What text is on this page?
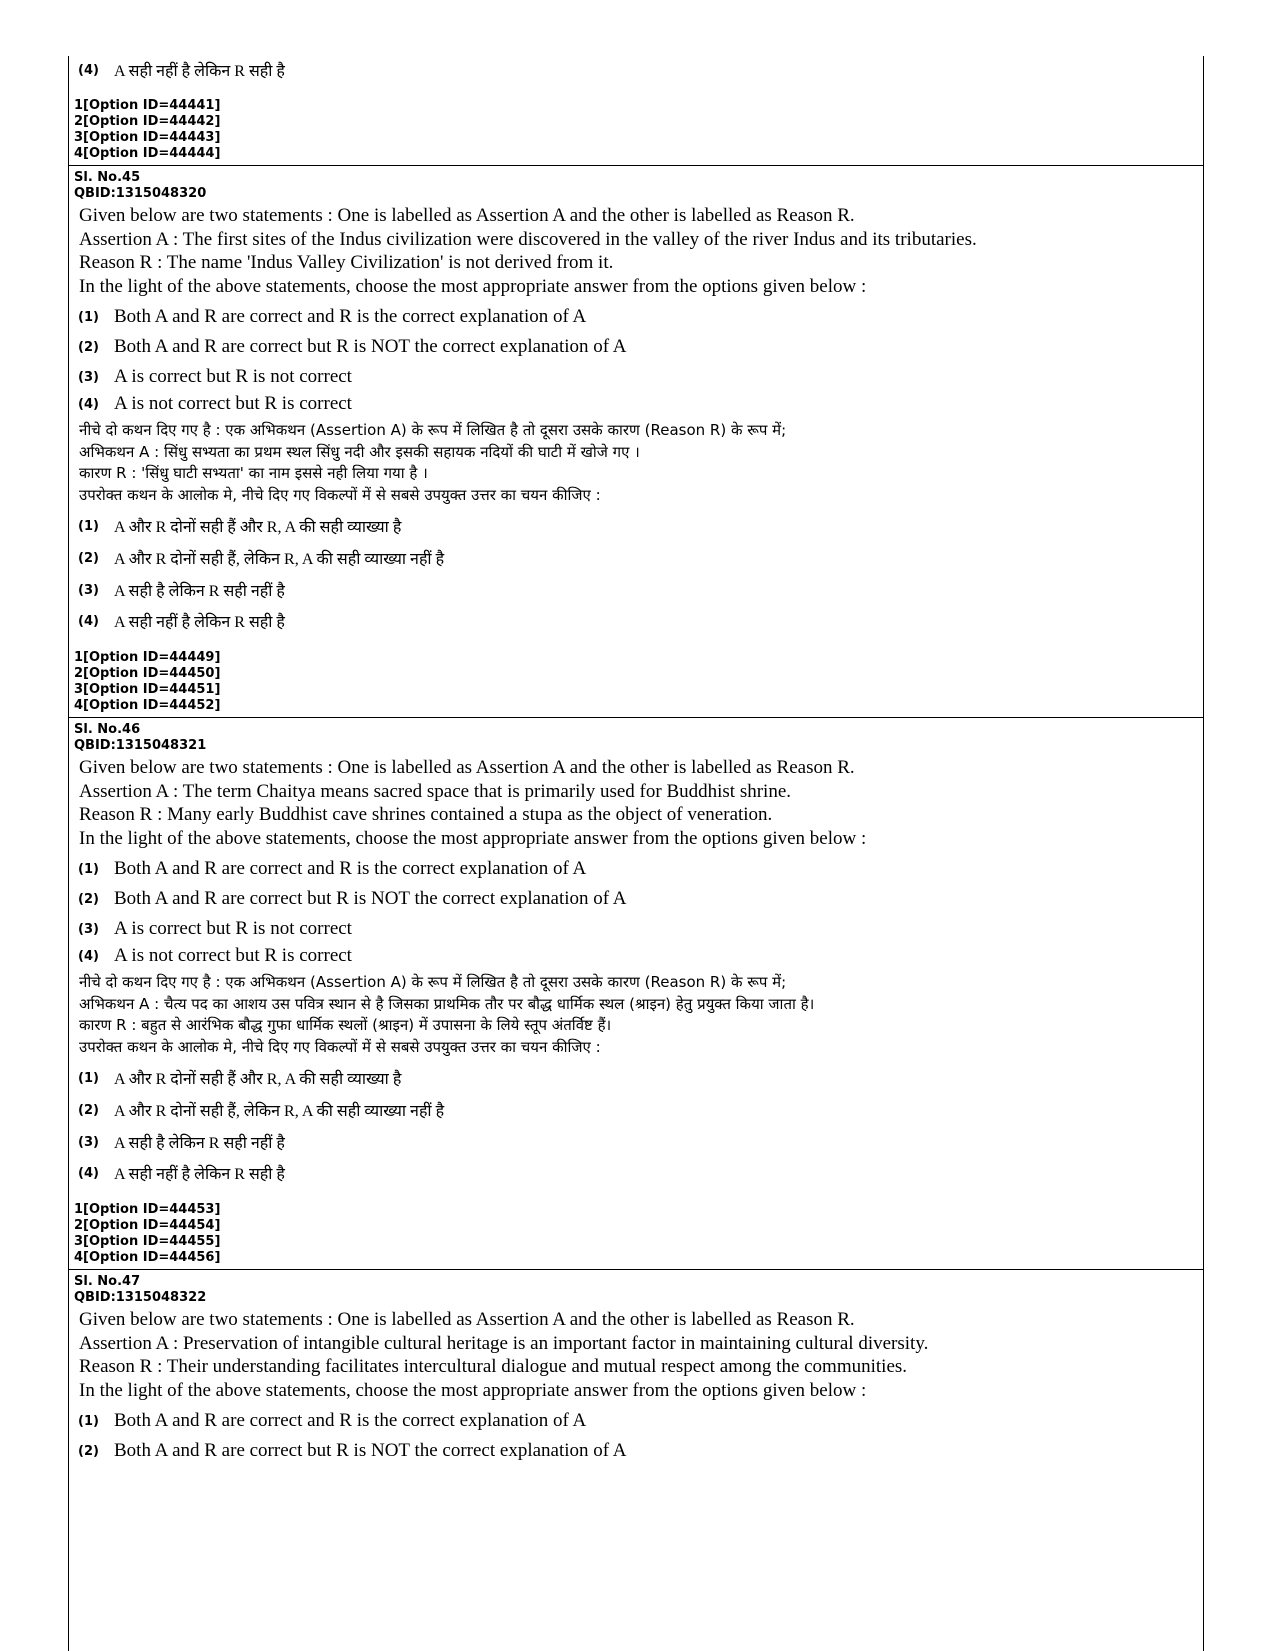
(4) A सही नहीं है लेकिन R सही है
1[Option ID=44441]
2[Option ID=44442]
3[Option ID=44443]
4[Option ID=44444]
Sl. No.45
QBID:1315048320
Given below are two statements : One is labelled as Assertion A and the other is labelled as Reason R.
Assertion A : The first sites of the Indus civilization were discovered in the valley of the river Indus and its tributaries.
Reason R : The name 'Indus Valley Civilization' is not derived from it.
In the light of the above statements, choose the most appropriate answer from the options given below :
(1) Both A and R are correct and R is the correct explanation of A
(2) Both A and R are correct but R is NOT the correct explanation of A
(3) A is correct but R is not correct
(4) A is not correct but R is correct
नीचे दो कथन दिए गए है : एक अभिकथन (Assertion A) के रूप में लिखित है तो दूसरा उसके कारण (Reason R) के रूप में;
अभिकथन A : सिंधु सभ्यता का प्रथम स्थल सिंधु नदी और इसकी सहायक नदियों की घाटी में खोजे गए ।
कारण R : 'सिंधु घाटी सभ्यता' का नाम इससे नही लिया गया है ।
उपरोक्त कथन के आलोक मे, नीचे दिए गए विकल्पों में से सबसे उपयुक्त उत्तर का चयन कीजिए :
(1) A और R दोनों सही हैं और R, A की सही व्याख्या है
(2) A और R दोनों सही हैं, लेकिन R, A की सही व्याख्या नहीं है
(3) A सही है लेकिन R सही नहीं है
(4) A सही नहीं है लेकिन R सही है
1[Option ID=44449]
2[Option ID=44450]
3[Option ID=44451]
4[Option ID=44452]
Sl. No.46
QBID:1315048321
Given below are two statements : One is labelled as Assertion A and the other is labelled as Reason R.
Assertion A : The term Chaitya means sacred space that is primarily used for Buddhist shrine.
Reason R : Many early Buddhist cave shrines contained a stupa as the object of veneration.
In the light of the above statements, choose the most appropriate answer from the options given below :
(1) Both A and R are correct and R is the correct explanation of A
(2) Both A and R are correct but R is NOT the correct explanation of A
(3) A is correct but R is not correct
(4) A is not correct but R is correct
नीचे दो कथन दिए गए है : एक अभिकथन (Assertion A) के रूप में लिखित है तो दूसरा उसके कारण (Reason R) के रूप में;
अभिकथन A : चैत्य पद का आशय उस पवित्र स्थान से है जिसका प्राथमिक तौर पर बौद्ध धार्मिक स्थल (श्राइन) हेतु प्रयुक्त किया जाता है।
कारण R : बहुत से आरंभिक बौद्ध गुफा धार्मिक स्थलों (श्राइन) में उपासना के लिये स्तूप अंतर्विष्ट हैं।
उपरोक्त कथन के आलोक मे, नीचे दिए गए विकल्पों में से सबसे उपयुक्त उत्तर का चयन कीजिए :
(1) A और R दोनों सही हैं और R, A की सही व्याख्या है
(2) A और R दोनों सही हैं, लेकिन R, A की सही व्याख्या नहीं है
(3) A सही है लेकिन R सही नहीं है
(4) A सही नहीं है लेकिन R सही है
1[Option ID=44453]
2[Option ID=44454]
3[Option ID=44455]
4[Option ID=44456]
Sl. No.47
QBID:1315048322
Given below are two statements : One is labelled as Assertion A and the other is labelled as Reason R.
Assertion A : Preservation of intangible cultural heritage is an important factor in maintaining cultural diversity.
Reason R : Their understanding facilitates intercultural dialogue and mutual respect among the communities.
In the light of the above statements, choose the most appropriate answer from the options given below :
(1) Both A and R are correct and R is the correct explanation of A
(2) Both A and R are correct but R is NOT the correct explanation of A
